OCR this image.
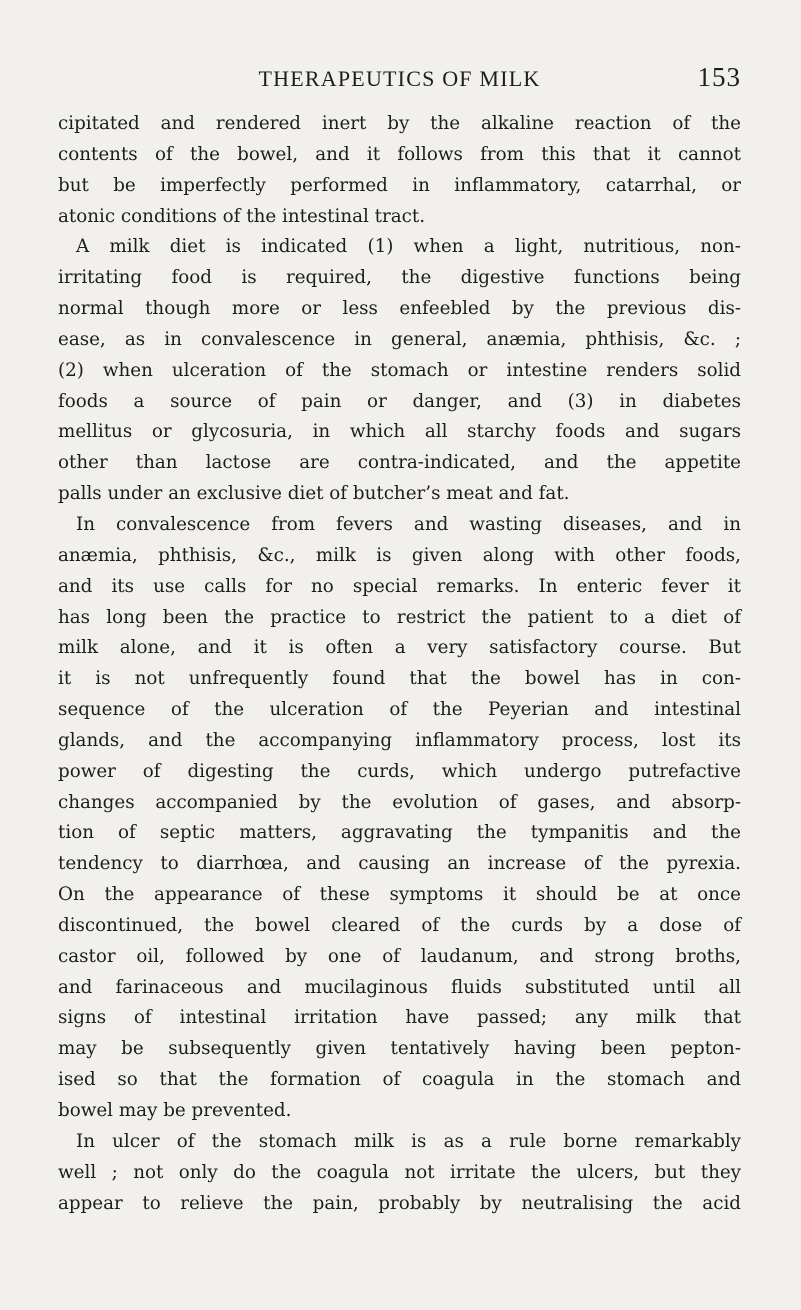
THERAPEUTICS OF MILK	153
cipitated and rendered inert by the alkaline reaction of the
contents of the bowel, and it follows from this that it cannot
but be imperfectly performed in inflammatory, catarrhal, or
atonic conditions of the intestinal tract.
A milk diet is indicated (1) when a light, nutritious, non-
irritating food is required, the digestive functions being
normal though more or less enfeebled by the previous dis-
ease, as in convalescence in general, anæmia, phthisis, &c. ;
(2) when ulceration of the stomach or intestine renders solid
foods a source of pain or danger, and (3) in diabetes
mellitus or glycosuria, in which all starchy foods and sugars
other than lactose are contra-indicated, and the appetite
palls under an exclusive diet of butcher’s meat and fat.
In convalescence from fevers and wasting diseases, and in
anæmia, phthisis, &c., milk is given along with other foods,
and its use calls for no special remarks. In enteric fever it
has long been the practice to restrict the patient to a diet of
milk alone, and it is often a very satisfactory course. But
it is not unfrequently found that the bowel has in con-
sequence of the ulceration of the Peyerian and intestinal
glands, and the accompanying inflammatory process, lost its
power of digesting the curds, which undergo putrefactive
changes accompanied by the evolution of gases, and absorp-
tion of septic matters, aggravating the tympanitis and the
tendency to diarrhœa, and causing an increase of the pyrexia.
On the appearance of these symptoms it should be at once
discontinued, the bowel cleared of the curds by a dose of
castor oil, followed by one of laudanum, and strong broths,
and farinaceous and mucilaginous fluids substituted until all
signs of intestinal irritation have passed; any milk that
may be subsequently given tentatively having been pepton-
ised so that the formation of coagula in the stomach and
bowel may be prevented.
In ulcer of the stomach milk is as a rule borne remarkably
well ; not only do the coagula not irritate the ulcers, but they
appear to relieve the pain, probably by neutralising the acid
